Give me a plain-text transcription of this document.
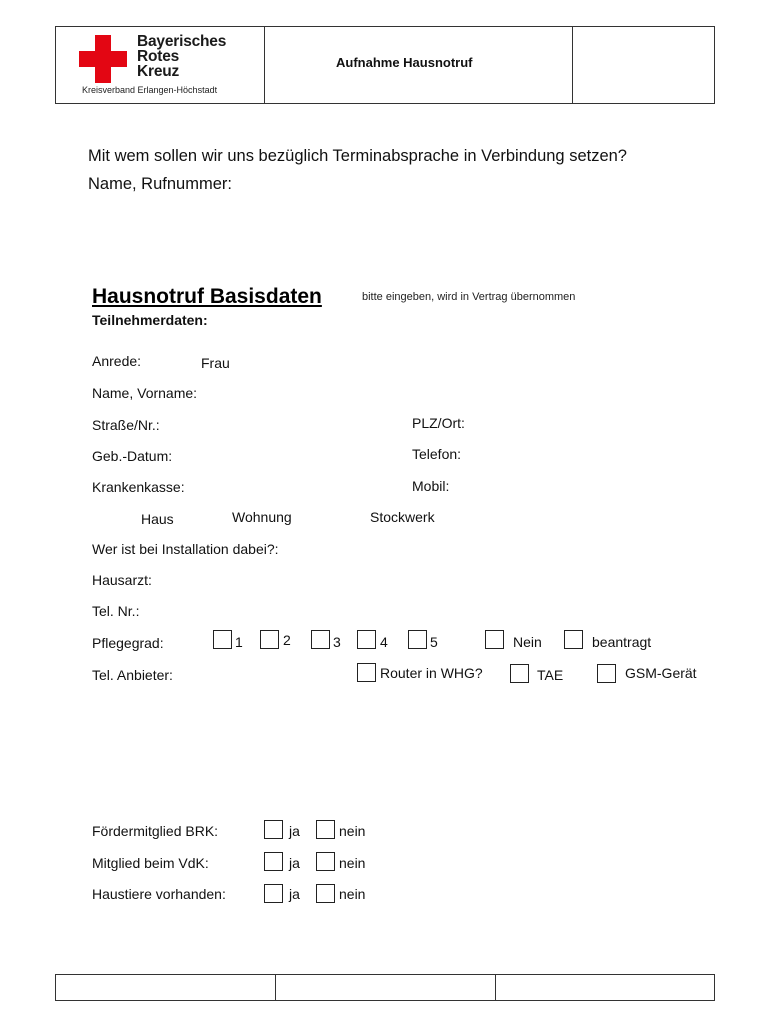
Bayerisches
Rotes
Kreuz
Kreisverband Erlangen-Höchstadt
Aufnahme Hausnotruf
Mit wem sollen wir uns bezüglich Terminabsprache in Verbindung setzen?
Name, Rufnummer:
Hausnotruf Basisdaten	bitte eingeben, wird in Vertrag übernommen
Teilnehmerdaten:
Anrede:	Frau
Name, Vorname:
Straße/Nr.:	PLZ/Ort:
Geb.-Datum:	Telefon:
Krankenkasse:	Mobil:
Haus	Wohnung	Stockwerk
Wer ist bei Installation dabei?:
Hausarzt:
Tel. Nr.:
Pflegegrad:	1	2	3	4	5	Nein	beantragt
Tel. Anbieter:	Router in WHG?	TAE	GSM-Gerät
Fördermitglied BRK:	ja	nein
Mitglied beim VdK:	ja	nein
Haustiere vorhanden:	ja	nein
